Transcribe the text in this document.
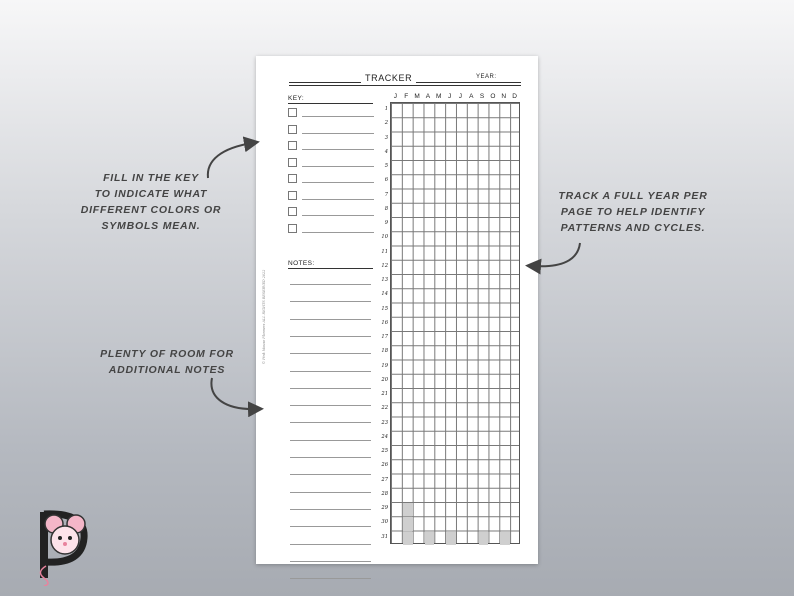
TRACKER	YEAR:
KEY:
NOTES:
© Pink Mouse Planners ALL RIGHTS RESERVED 2022
J	F M A M	J	J	A S O N D
1
2
3
4
5
6
7
8
9
10
11
12
13
14
15
16
17
18
19
20
21
22
23
24
25
26
27
28
29
30
31
FILL IN THE KEY
TO INDICATE WHAT
DIFFERENT COLORS OR
SYMBOLS MEAN.
PLENTY OF ROOM FOR
ADDITIONAL NOTES
TRACK A FULL YEAR PER
PAGE TO HELP IDENTIFY
PATTERNS AND CYCLES.
